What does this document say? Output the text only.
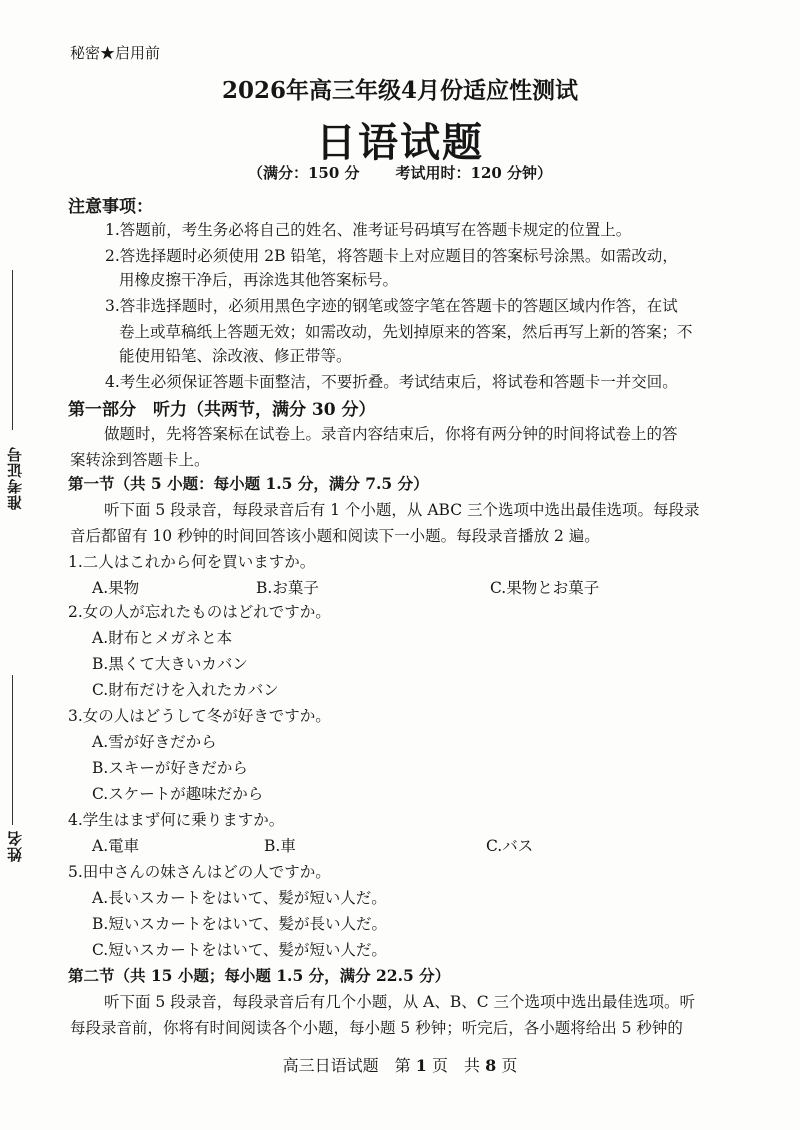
秘密★启用前
2026年高三年级4月份适应性测试
日语试题
（满分：150 分 考试用时：120 分钟）
准考证号
姓名
注意事项：
1.答题前，考生务必将自己的姓名、准考证号码填写在答题卡规定的位置上。
2.答选择题时必须使用 2B 铅笔，将答题卡上对应题目的答案标号涂黑。如需改动，
用橡皮擦干净后，再涂选其他答案标号。
3.答非选择题时，必须用黑色字迹的钢笔或签字笔在答题卡的答题区域内作答，在试
卷上或草稿纸上答题无效；如需改动，先划掉原来的答案，然后再写上新的答案；不
能使用铅笔、涂改液、修正带等。
4.考生必须保证答题卡面整洁，不要折叠。考试结束后，将试卷和答题卡一并交回。
第一部分　听力（共两节，满分 30 分）
做题时，先将答案标在试卷上。录音内容结束后，你将有两分钟的时间将试卷上的答
案转涂到答题卡上。
第一节（共 5 小题：每小题 1.5 分，满分 7.5 分）
听下面 5 段录音，每段录音后有 1 个小题，从 ABC 三个选项中选出最佳选项。每段录
音后都留有 10 秒钟的时间回答该小题和阅读下一小题。每段录音播放 2 遍。
1.二人はこれから何を買いますか。
A.果物	B.お菓子	C.果物とお菓子
2.女の人が忘れたものはどれですか。
A.財布とメガネと本
B.黒くて大きいカバン
C.財布だけを入れたカバン
3.女の人はどうして冬が好きですか。
A.雪が好きだから
B.スキーが好きだから
C.スケートが趣味だから
4.学生はまず何に乗りますか。
A.電車	B.車	C.バス
5.田中さんの妹さんはどの人ですか。
A.長いスカートをはいて、髪が短い人だ。
B.短いスカートをはいて、髪が長い人だ。
C.短いスカートをはいて、髪が短い人だ。
第二节（共 15 小题；每小题 1.5 分，满分 22.5 分）
听下面 5 段录音，每段录音后有几个小题，从 A、B、C 三个选项中选出最佳选项。听
每段录音前，你将有时间阅读各个小题，每小题 5 秒钟；听完后，各小题将给出 5 秒钟的
高三日语试题　第 1 页　共 8 页
